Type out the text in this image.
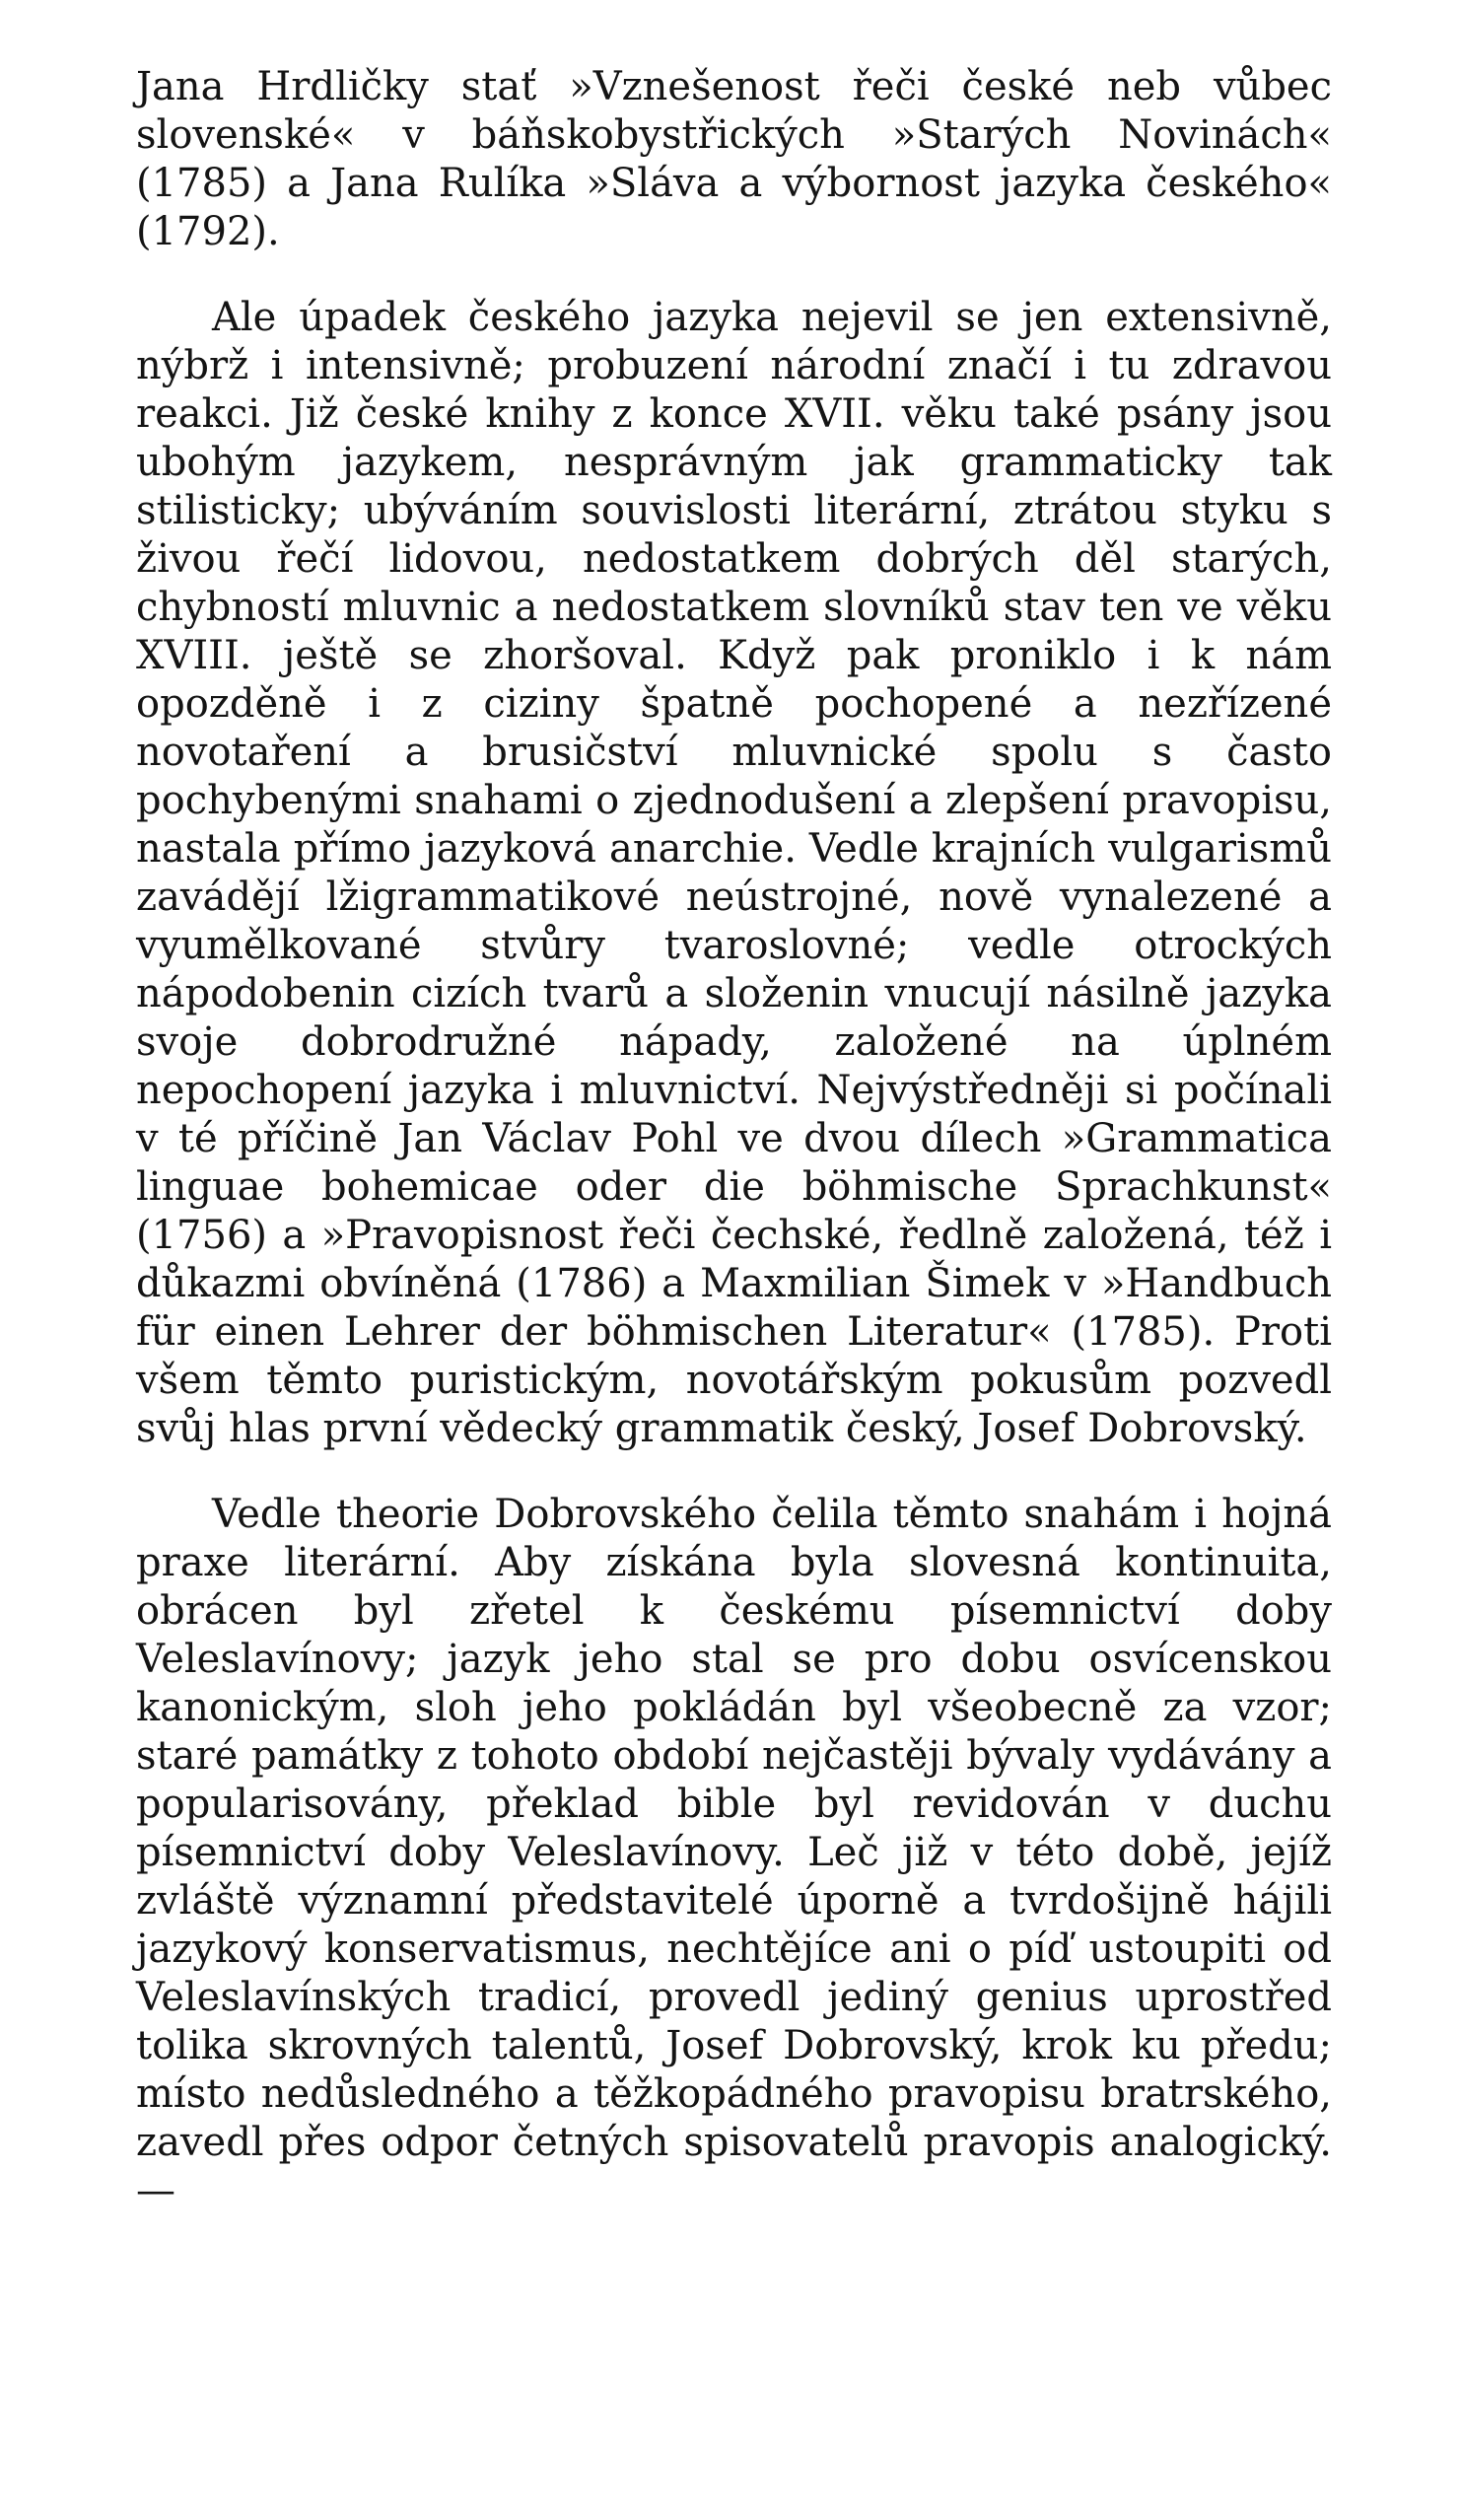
Jana Hrdličky stať »Vznešenost řeči české neb vůbec slovenské« v báňskobystřických »Starých Novinách« (1785) a Jana Rulíka »Sláva a výbornost jazyka českého« (1792).

Ale úpadek českého jazyka nejevil se jen extensivně, nýbrž i intensivně; probuzení národní značí i tu zdravou reakci. Již české knihy z konce XVII. věku také psány jsou ubohým jazykem, nesprávným jak grammaticky tak stilisticky; ubýváním souvislosti literární, ztrátou styku s živou řečí lidovou, nedostatkem dobrých děl starých, chybností mluvnic a nedostatkem slovníků stav ten ve věku XVIII. ještě se zhoršoval. Když pak proniklo i k nám opozděně i z ciziny špatně pochopené a nezřízené novotaření a brusičství mluvnické spolu s často pochybenými snahami o zjednodušení a zlepšení pravopisu, nastala přímo jazyková anarchie. Vedle krajních vulgarismů zavádějí lžigrammatikové neústrojné, nově vynalezené a vyumělkované stvůry tvaroslovné; vedle otrockých nápodobenin cizích tvarů a složenin vnucují násilně jazyka svoje dobrodružné nápady, založené na úplném nepochopení jazyka i mluvnictví. Nejvýstředněji si počínali v té příčině Jan Václav Pohl ve dvou dílech »Grammatica linguae bohemicae oder die böhmische Sprachkunst« (1756) a »Pravopisnost řeči čechské, ředlně založená, též i důkazmi obvíněná (1786) a Maxmilian Šimek v »Handbuch für einen Lehrer der böhmischen Literatur« (1785). Proti všem těmto puristickým, novotářským pokusům pozvedl svůj hlas první vědecký grammatik český, Josef Dobrovský.

Vedle theorie Dobrovského čelila těmto snahám i hojná praxe literární. Aby získána byla slovesná kontinuita, obrácen byl zřetel k českému písemnictví doby Veleslavínovy; jazyk jeho stal se pro dobu osvícenskou kanonickým, sloh jeho pokládán byl všeobecně za vzor; staré památky z tohoto období nejčastěji bývaly vydávány a popularisovány, překlad bible byl revidován v duchu písemnictví doby Veleslavínovy. Leč již v této době, jejíž zvláště významní představitelé úporně a tvrdošijně hájili jazykový konservatismus, nechtějíce ani o píď ustoupiti od Veleslavínských tradicí, provedl jediný genius uprostřed tolika skrovných talentů, Josef Dobrovský, krok ku předu; místo nedůsledného a těžkopádného pravopisu bratrského, zavedl přes odpor četných spisovatelů pravopis analogický. —
